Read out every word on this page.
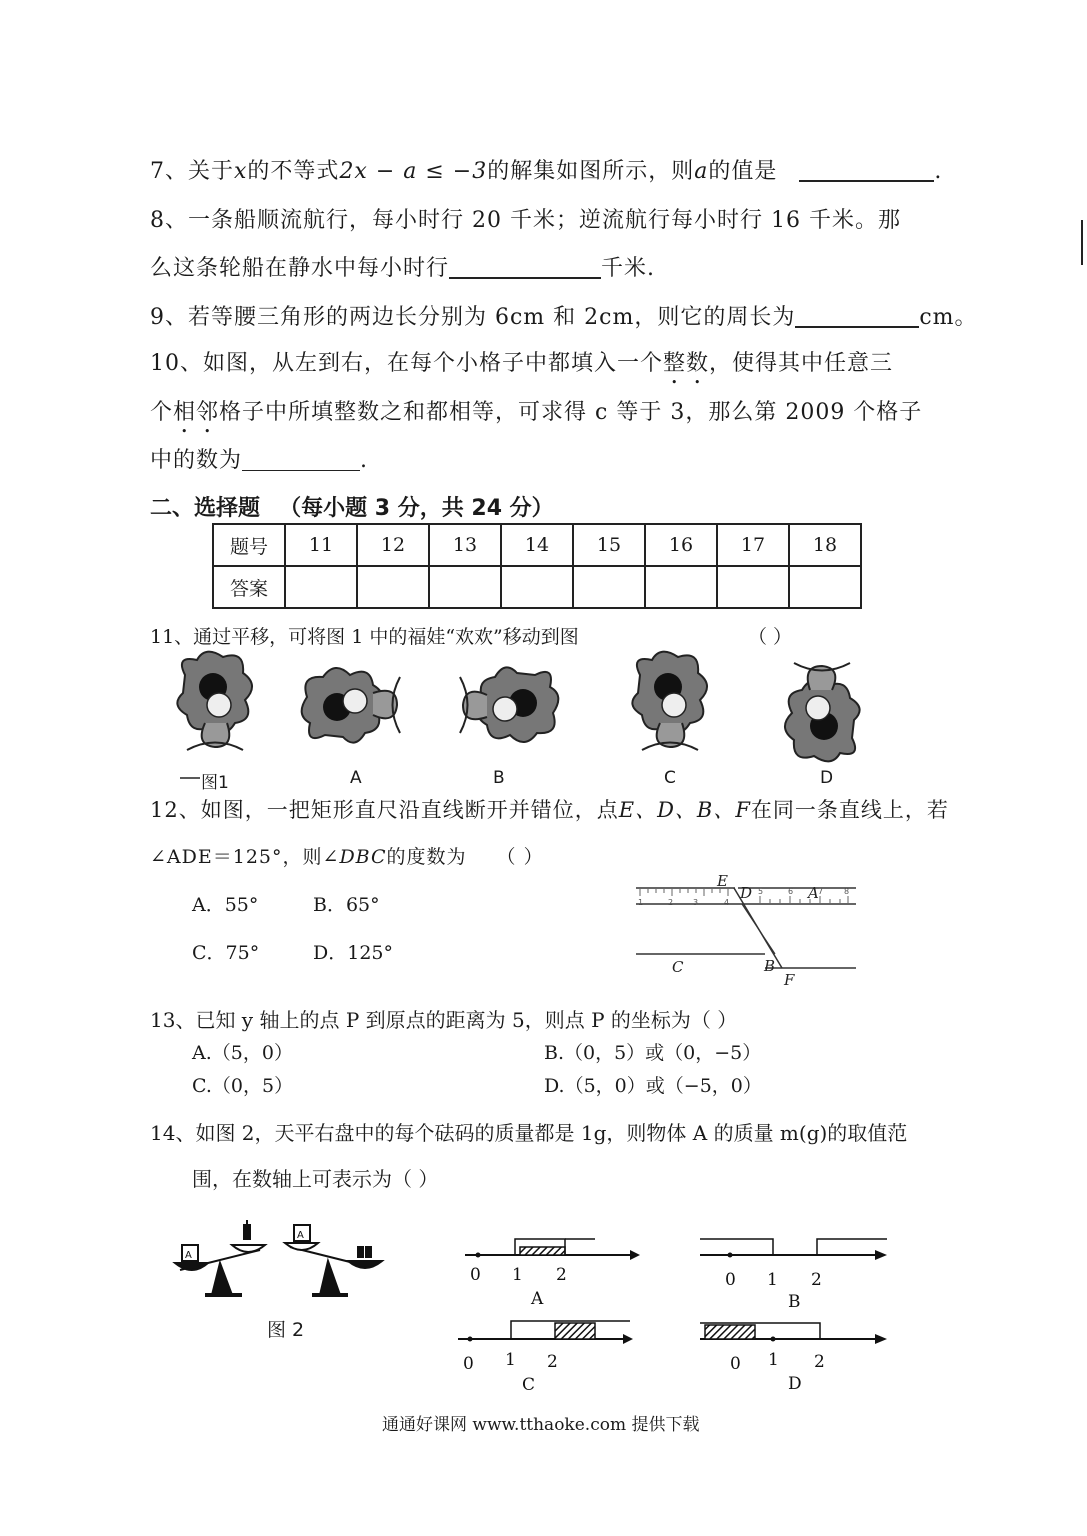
7、关于x的不等式2x − a ≤ −3的解集如图所示，则a的值是	.
8、一条船顺流航行，每小时行 20 千米；逆流航行每小时行 16 千米。那
么这条轮船在静水中每小时行	千米.
9、若等腰三角形的两边长分别为 6cm 和 2cm，则它的周长为	cm。
10、如图，从左到右，在每个小格子中都填入一个整数，使得其中任意三
个相邻格子中所填整数之和都相等，可求得 c 等于 3，那么第 2009 个格子
中的数为	.
二、选择题 （每小题 3 分，共 24 分）
题号	11	12	13	14	15	16	17	18
答案								
11、通过平移，可将图 1 中的福娃“欢欢”移动到图	（ ）
图1	A	B	C	D
12、如图，一把矩形直尺沿直线断开并错位，点E、D、B、F在同一条直线上，若
∠ADE＝125°，则∠DBC的度数为 （ ）
A．55°	B．65°
C．75°	D．125°
1	2 3	4
5	6	7	8
E
D	A
C	B
F
13、已知 y 轴上的点 P 到原点的距离为 5，则点 P 的坐标为（ ）
A.（5，0）	B.（0，5）或（0，−5）
C.（0，5）	D.（5，0）或（−5，0）
14、如图 2，天平右盘中的每个砝码的质量都是 1g，则物体 A 的质量 m(g)的取值范
围，在数轴上可表示为（ ）
A
A
图 2
0 1 2
A
0 1 2
B
0 1 2
C
0 1 2
D
通通好课网 www.tthaoke.com 提供下载
